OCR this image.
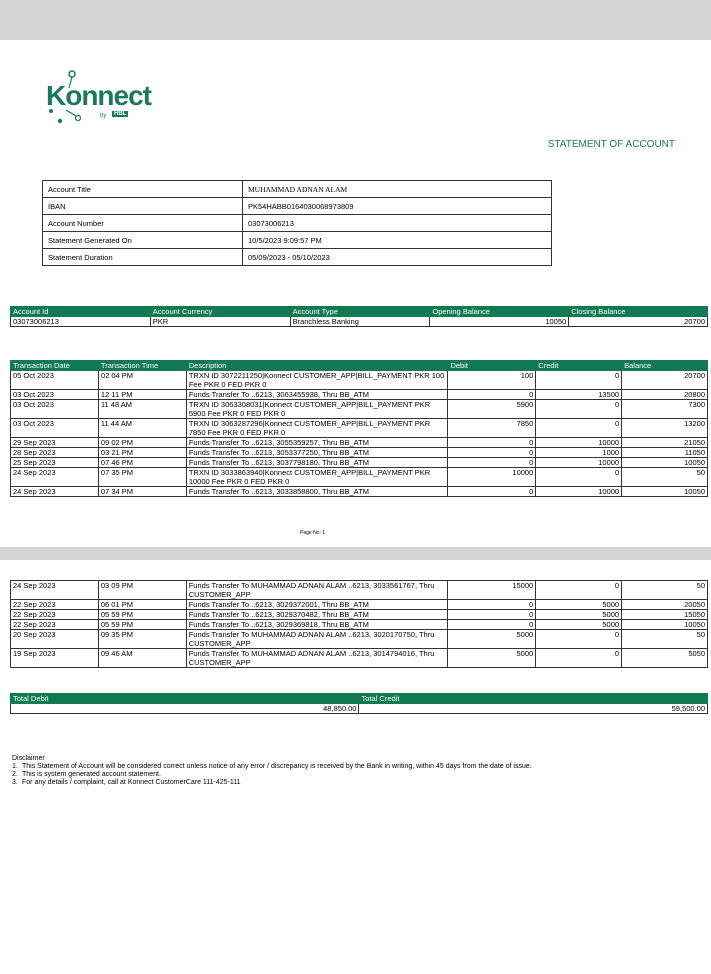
Konnect
by	HBL
STATEMENT OF ACCOUNT
Account Title	MUHAMMAD ADNAN ALAM
IBAN	PK54HABB0164030068973809
Account Number	03073006213
Statement Generated On	10/5/2023 9:09:57 PM
Statement Duration	05/09/2023 - 05/10/2023
Account Id	Account Currency	Account Type	Opening Balance	Closing Balance
03073006213	PKR	Branchless Banking	10050	20700
Transaction Date	Transaction Time	Description	Debit	Credit	Balance
05 Oct 2023	02 04 PM	TRXN ID 3072211250|Konnect CUSTOMER_APP|BILL_PAYMENT PKR 100 Fee PKR 0 FED PKR 0	100	0	20700
03 Oct 2023	12 11 PM	Funds Transfer To ..6213, 3063455938, Thru BB_ATM	0	13500	20800
03 Oct 2023	11 48 AM	TRXN ID 3063308031|Konnect CUSTOMER_APP|BILL_PAYMENT PKR 5900 Fee PKR 0 FED PKR 0	5900	0	7300
03 Oct 2023	11 44 AM	TRXN ID 3063287296|Konnect CUSTOMER_APP|BILL_PAYMENT PKR 7850 Fee PKR 0 FED PKR 0	7850	0	13200
29 Sep 2023	09 02 PM	Funds Transfer To ..6213, 3055359257, Thru BB_ATM	0	10000	21050
28 Sep 2023	03 21 PM	Funds Transfer To ..6213, 3053377250, Thru BB_ATM	0	1000	11050
25 Sep 2023	07 46 PM	Funds Transfer To ..6213, 3037798180, Thru BB_ATM	0	10000	10050
24 Sep 2023	07 35 PM	TRXN ID 3033863940|Konnect CUSTOMER_APP|BILL_PAYMENT PKR 10000 Fee PKR 0 FED PKR 0	10000	0	50
24 Sep 2023	07 34 PM	Funds Transfer To ..6213, 3033858800, Thru BB_ATM	0	10000	10050
Page No: 1
24 Sep 2023	03 09 PM	Funds Transfer To MUHAMMAD ADNAN ALAM ..6213, 3033561767, Thru CUSTOMER_APP	15000	0	50
22 Sep 2023	06 01 PM	Funds Transfer To ..6213, 3029372001, Thru BB_ATM	0	5000	20050
22 Sep 2023	05 59 PM	Funds Transfer To ..6213, 3029370482, Thru BB_ATM	0	5000	15050
22 Sep 2023	05 59 PM	Funds Transfer To ..6213, 3029369818, Thru BB_ATM	0	5000	10050
20 Sep 2023	09 35 PM	Funds Transfer To MUHAMMAD ADNAN ALAM ..6213, 3020170750, Thru CUSTOMER_APP	5000	0	50
19 Sep 2023	09 46 AM	Funds Transfer To MUHAMMAD ADNAN ALAM ..6213, 3014794016, Thru CUSTOMER_APP	5000	0	5050
Total Debit	Total Credit
48,850.00	59,500.00
Disclaimer
1. This Statement of Account will be considered correct unless notice of any error / discrepancy is received by the Bank in writing, within 45 days from the date of issue.
2. This is system generated account statement.
3. For any details / complaint, call at Konnect CustomerCare 111-425-111
